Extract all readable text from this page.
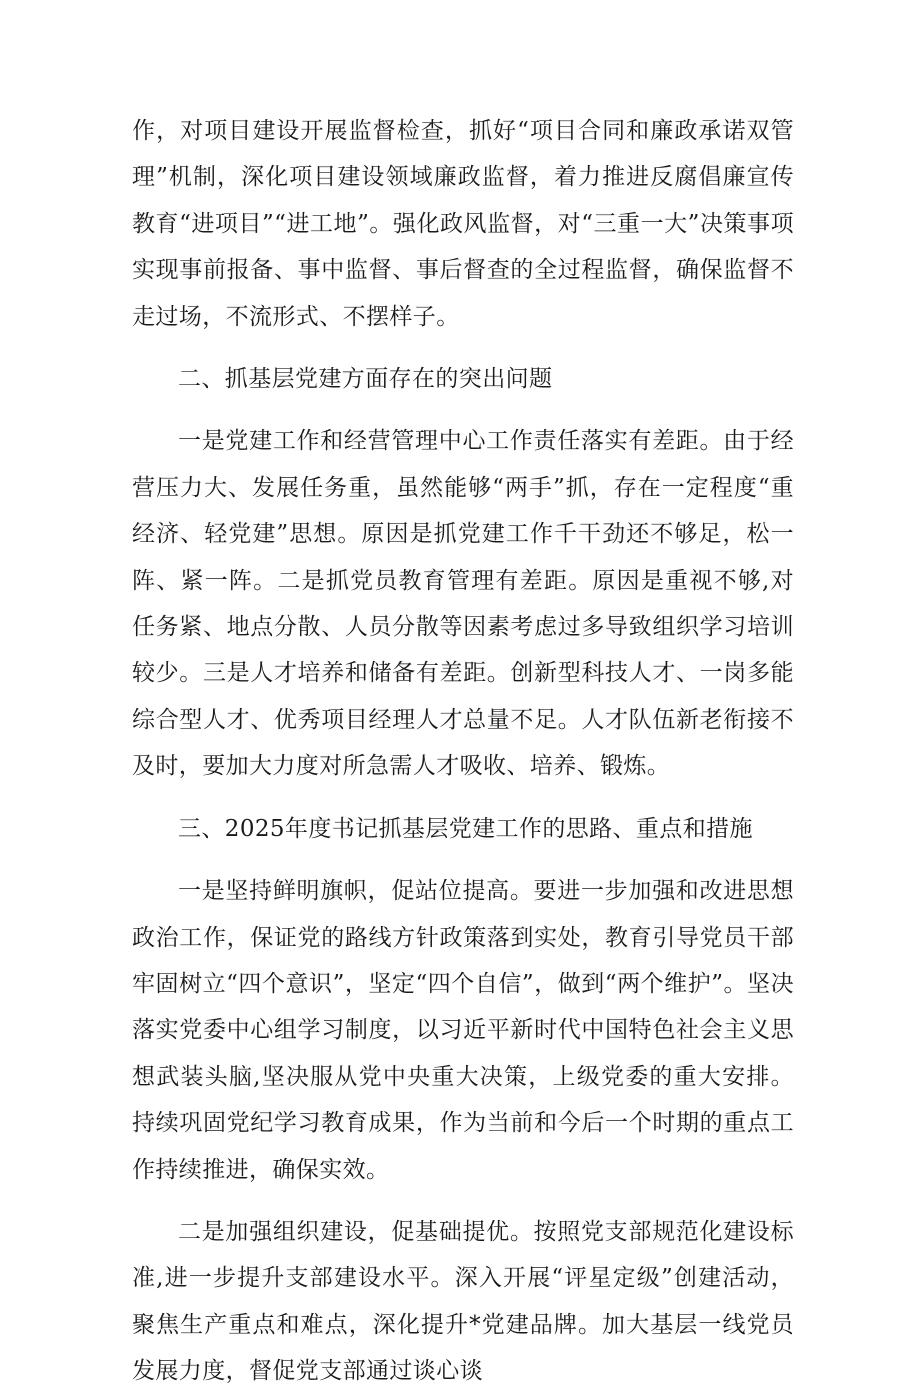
作，对项目建设开展监督检查，抓好“项目合同和廉政承诺双管理”机制，深化项目建设领域廉政监督，着力推进反腐倡廉宣传教育“进项目”“进工地”。强化政风监督，对“三重一大”决策事项实现事前报备、事中监督、事后督查的全过程监督，确保监督不走过场，不流形式、不摆样子。

二、抓基层党建方面存在的突出问题

一是党建工作和经营管理中心工作责任落实有差距。由于经营压力大、发展任务重，虽然能够“两手”抓，存在一定程度“重经济、轻党建”思想。原因是抓党建工作千干劲还不够足，松一阵、紧一阵。二是抓党员教育管理有差距。原因是重视不够,对任务紧、地点分散、人员分散等因素考虑过多导致组织学习培训较少。三是人才培养和储备有差距。创新型科技人才、一岗多能综合型人才、优秀项目经理人才总量不足。人才队伍新老衔接不及时，要加大力度对所急需人才吸收、培养、锻炼。

三、2025年度书记抓基层党建工作的思路、重点和措施

一是坚持鲜明旗帜，促站位提高。要进一步加强和改进思想政治工作，保证党的路线方针政策落到实处，教育引导党员干部牢固树立“四个意识”，坚定“四个自信”，做到“两个维护”。坚决落实党委中心组学习制度，以习近平新时代中国特色社会主义思想武装头脑,坚决服从党中央重大决策，上级党委的重大安排。持续巩固党纪学习教育成果，作为当前和今后一个时期的重点工作持续推进，确保实效。

二是加强组织建设，促基础提优。按照党支部规范化建设标准,进一步提升支部建设水平。深入开展“评星定级”创建活动，聚焦生产重点和难点，深化提升*党建品牌。加大基层一线党员发展力度，督促党支部通过谈心谈
